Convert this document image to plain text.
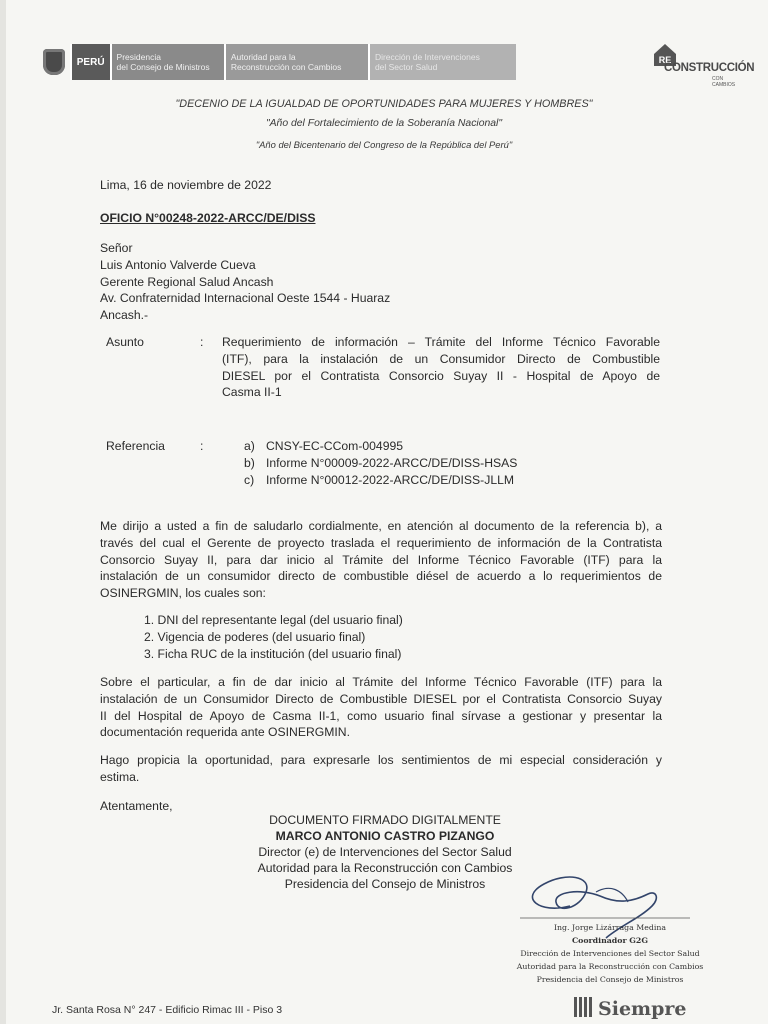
PERÚ	Presidencia
del Consejo de Ministros
Autoridad para la
Reconstrucción con Cambios
Dirección de Intervenciones
del Sector Salud
RE
CONSTRUCCIÓN
CON CAMBIOS
"DECENIO DE LA IGUALDAD DE OPORTUNIDADES PARA MUJERES Y HOMBRES"
"Año del Fortalecimiento de la Soberanía Nacional"
"Año del Bicentenario del Congreso de la República del Perú"
Lima, 16 de noviembre de 2022
OFICIO N°00248-2022-ARCC/DE/DISS
Señor
Luis Antonio Valverde Cueva
Gerente Regional Salud Ancash
Av. Confraternidad Internacional Oeste 1544 - Huaraz
Ancash.-
Asunto	: Requerimiento de información – Trámite del Informe Técnico Favorable
(ITF), para la instalación de un Consumidor Directo de Combustible
DIESEL por el Contratista Consorcio Suyay II - Hospital de Apoyo de
Casma II-1
Referencia	:	a) CNSY-EC-CCom-004995
b) Informe N°00009-2022-ARCC/DE/DISS-HSAS
c) Informe N°00012-2022-ARCC/DE/DISS-JLLM
Me dirijo a usted a fin de saludarlo cordialmente, en atención al documento de la referencia b), a
través del cual el Gerente de proyecto traslada el requerimiento de información de la Contratista
Consorcio Suyay II, para dar inicio al Trámite del Informe Técnico Favorable (ITF) para la
instalación de un consumidor directo de combustible diésel de acuerdo a lo requerimientos de
OSINERGMIN, los cuales son:
1. DNI del representante legal (del usuario final)
2. Vigencia de poderes (del usuario final)
3. Ficha RUC de la institución (del usuario final)
Sobre el particular, a fin de dar inicio al Trámite del Informe Técnico Favorable (ITF) para la
instalación de un Consumidor Directo de Combustible DIESEL por el Contratista Consorcio Suyay
II del Hospital de Apoyo de Casma II-1, como usuario final sírvase a gestionar y presentar la
documentación requerida ante OSINERGMIN.
Hago propicia la oportunidad, para expresarle los sentimientos de mi especial consideración y
estima.
Atentamente,
DOCUMENTO FIRMADO DIGITALMENTE
MARCO ANTONIO CASTRO PIZANGO
Director (e) de Intervenciones del Sector Salud
Autoridad para la Reconstrucción con Cambios
Presidencia del Consejo de Ministros
Ing. Jorge Lizárraga Medina
Coordinador G2G
Dirección de Intervenciones del Sector Salud
Autoridad para la Reconstrucción con Cambios
Presidencia del Consejo de Ministros
Jr. Santa Rosa N° 247 - Edificio Rimac III - Piso 3	Siempre
